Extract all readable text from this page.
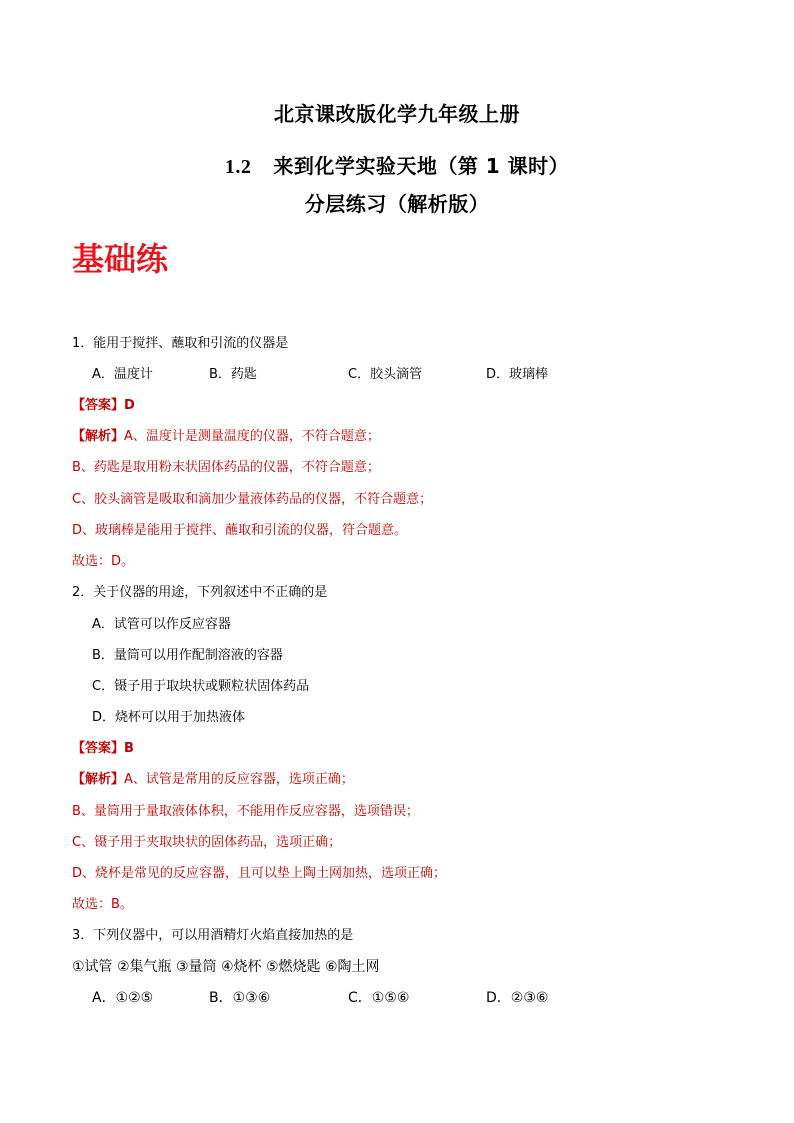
北京课改版化学九年级上册
1.2 来到化学实验天地（第 1 课时）
分层练习（解析版）
基础练
1．能用于搅拌、蘸取和引流的仪器是
A．温度计	B．药匙	C．胶头滴管	D．玻璃棒
【答案】D
【解析】A、温度计是测量温度的仪器，不符合题意；
B、药匙是取用粉末状固体药品的仪器，不符合题意；
C、胶头滴管是吸取和滴加少量液体药品的仪器，不符合题意；
D、玻璃棒是能用于搅拌、蘸取和引流的仪器，符合题意。
故选：D。
2．关于仪器的用途，下列叙述中不正确的是
A．试管可以作反应容器
B．量筒可以用作配制溶液的容器
C．镊子用于取块状或颗粒状固体药品
D．烧杯可以用于加热液体
【答案】B
【解析】A、试管是常用的反应容器，选项正确；
B、量筒用于量取液体体积，不能用作反应容器，选项错误；
C、镊子用于夹取块状的固体药品，选项正确；
D、烧杯是常见的反应容器，且可以垫上陶土网加热，选项正确；
故选：B。
3．下列仪器中，可以用酒精灯火焰直接加热的是
①试管 ②集气瓶 ③量筒 ④烧杯 ⑤燃烧匙 ⑥陶土网
A．①②⑤	B．①③⑥	C．①⑤⑥	D．②③⑥
